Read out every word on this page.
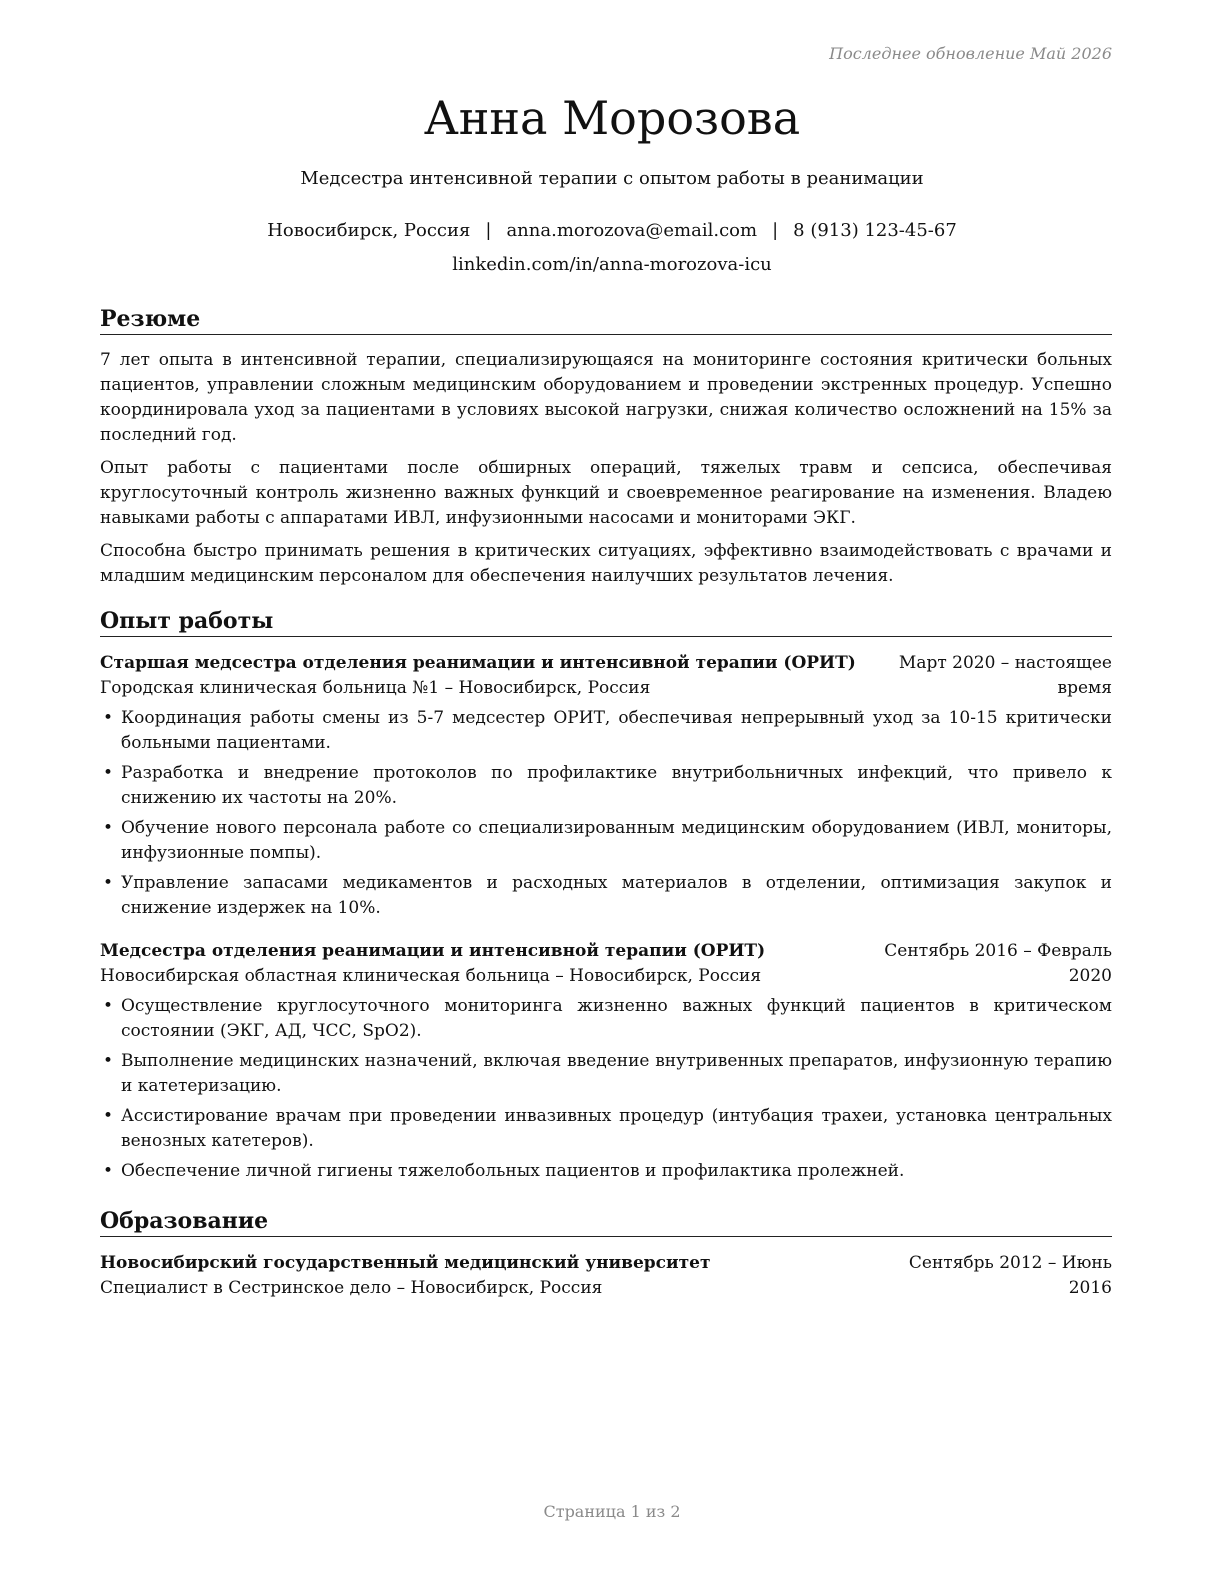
Последнее обновление Май 2026
Анна Морозова
Медсестра интенсивной терапии с опытом работы в реанимации
Новосибирск, Россия | anna.morozova@email.com | 8 (913) 123-45-67
linkedin.com/in/anna-morozova-icu
Резюме

7 лет опыта в интенсивной терапии, специализирующаяся на мониторинге состояния критически больных пациентов, управлении сложным медицинским оборудованием и проведении экстренных процедур. Успешно координировала уход за пациентами в условиях высокой нагрузки, снижая количество осложнений на 15% за последний год.

Опыт работы с пациентами после обширных операций, тяжелых травм и сепсиса, обеспечивая круглосуточный контроль жизненно важных функций и своевременное реагирование на изменения. Владею навыками работы с аппаратами ИВЛ, инфузионными насосами и мониторами ЭКГ.

Способна быстро принимать решения в критических ситуациях, эффективно взаимодействовать с врачами и младшим медицинским персоналом для обеспечения наилучших результатов лечения.

Опыт работы
Старшая медсестра отделения реанимации и интенсивной терапии (ОРИТ)
Городская клиническая больница №1 – Новосибирск, Россия
Март 2020 – настоящее время
• Координация работы смены из 5-7 медсестер ОРИТ, обеспечивая непрерывный уход за 10-15 критически больными пациентами.
• Разработка и внедрение протоколов по профилактике внутрибольничных инфекций, что привело к снижению их частоты на 20%.
• Обучение нового персонала работе со специализированным медицинским оборудованием (ИВЛ, мониторы, инфузионные помпы).
• Управление запасами медикаментов и расходных материалов в отделении, оптимизация закупок и снижение издержек на 10%.
Медсестра отделения реанимации и интенсивной терапии (ОРИТ)
Новосибирская областная клиническая больница – Новосибирск, Россия
Сентябрь 2016 – Февраль 2020
• Осуществление круглосуточного мониторинга жизненно важных функций пациентов в критическом состоянии (ЭКГ, АД, ЧСС, SpO2).
• Выполнение медицинских назначений, включая введение внутривенных препаратов, инфузионную терапию и катетеризацию.
• Ассистирование врачам при проведении инвазивных процедур (интубация трахеи, установка центральных венозных катетеров).
• Обеспечение личной гигиены тяжелобольных пациентов и профилактика пролежней.
Образование
Новосибирский государственный медицинский университет
Специалист в Сестринское дело – Новосибирск, Россия
Сентябрь 2012 – Июнь 2016
Страница 1 из 2
